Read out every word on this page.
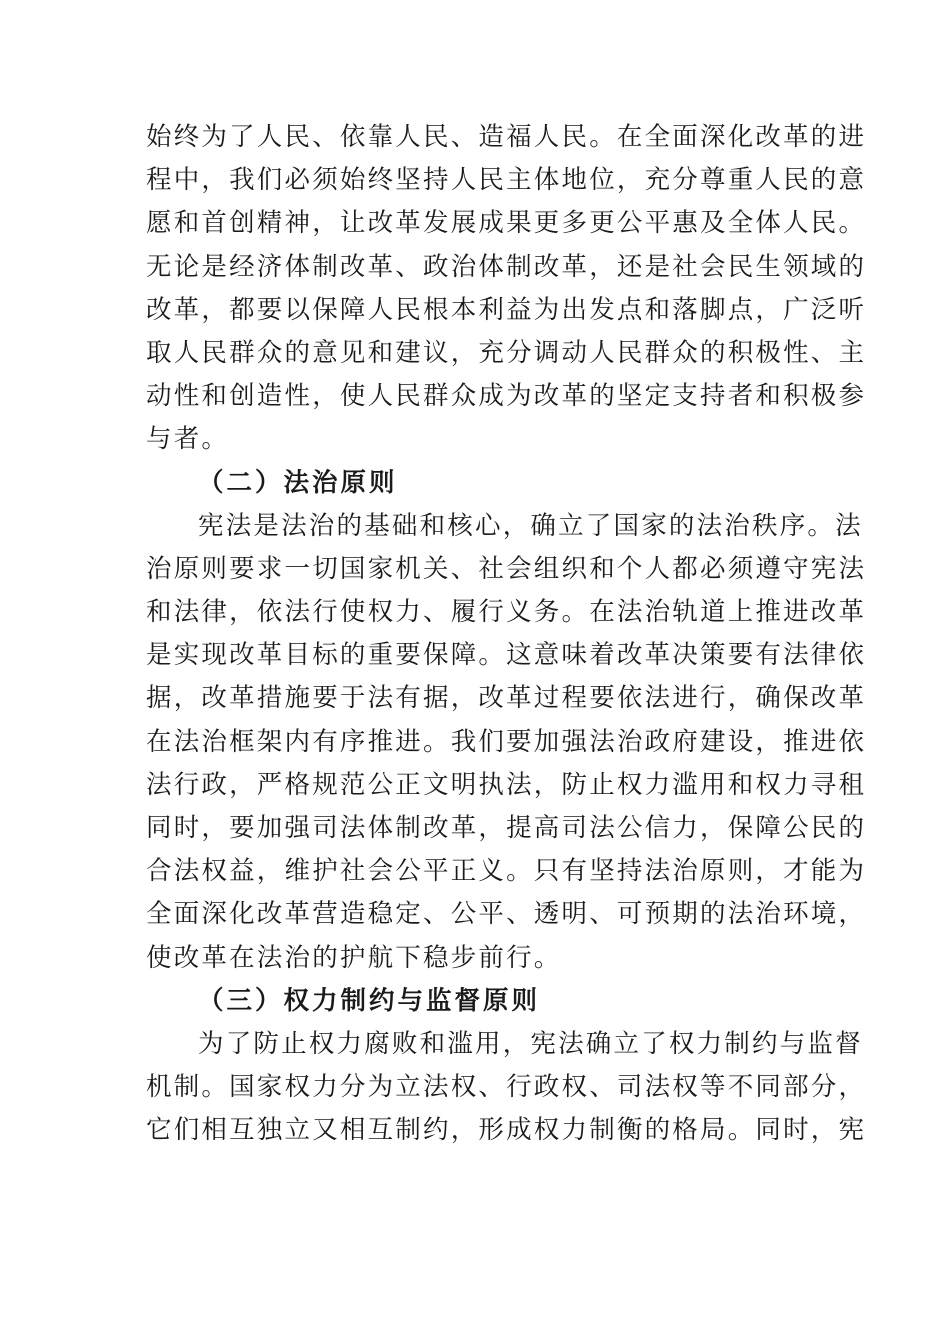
始终为了人民、依靠人民、造福人民。在全面深化改革的进
程中，我们必须始终坚持人民主体地位，充分尊重人民的意
愿和首创精神，让改革发展成果更多更公平惠及全体人民。
无论是经济体制改革、政治体制改革，还是社会民生领域的
改革，都要以保障人民根本利益为出发点和落脚点，广泛听
取人民群众的意见和建议，充分调动人民群众的积极性、主
动性和创造性，使人民群众成为改革的坚定支持者和积极参
与者。
（二）法治原则
宪法是法治的基础和核心，确立了国家的法治秩序。法
治原则要求一切国家机关、社会组织和个人都必须遵守宪法
和法律，依法行使权力、履行义务。在法治轨道上推进改革
是实现改革目标的重要保障。这意味着改革决策要有法律依
据，改革措施要于法有据，改革过程要依法进行，确保改革
在法治框架内有序推进。我们要加强法治政府建设，推进依
法行政，严格规范公正文明执法，防止权力滥用和权力寻租
同时，要加强司法体制改革，提高司法公信力，保障公民的
合法权益，维护社会公平正义。只有坚持法治原则，才能为
全面深化改革营造稳定、公平、透明、可预期的法治环境，
使改革在法治的护航下稳步前行。
（三）权力制约与监督原则
为了防止权力腐败和滥用，宪法确立了权力制约与监督
机制。国家权力分为立法权、行政权、司法权等不同部分，
它们相互独立又相互制约，形成权力制衡的格局。同时，宪
